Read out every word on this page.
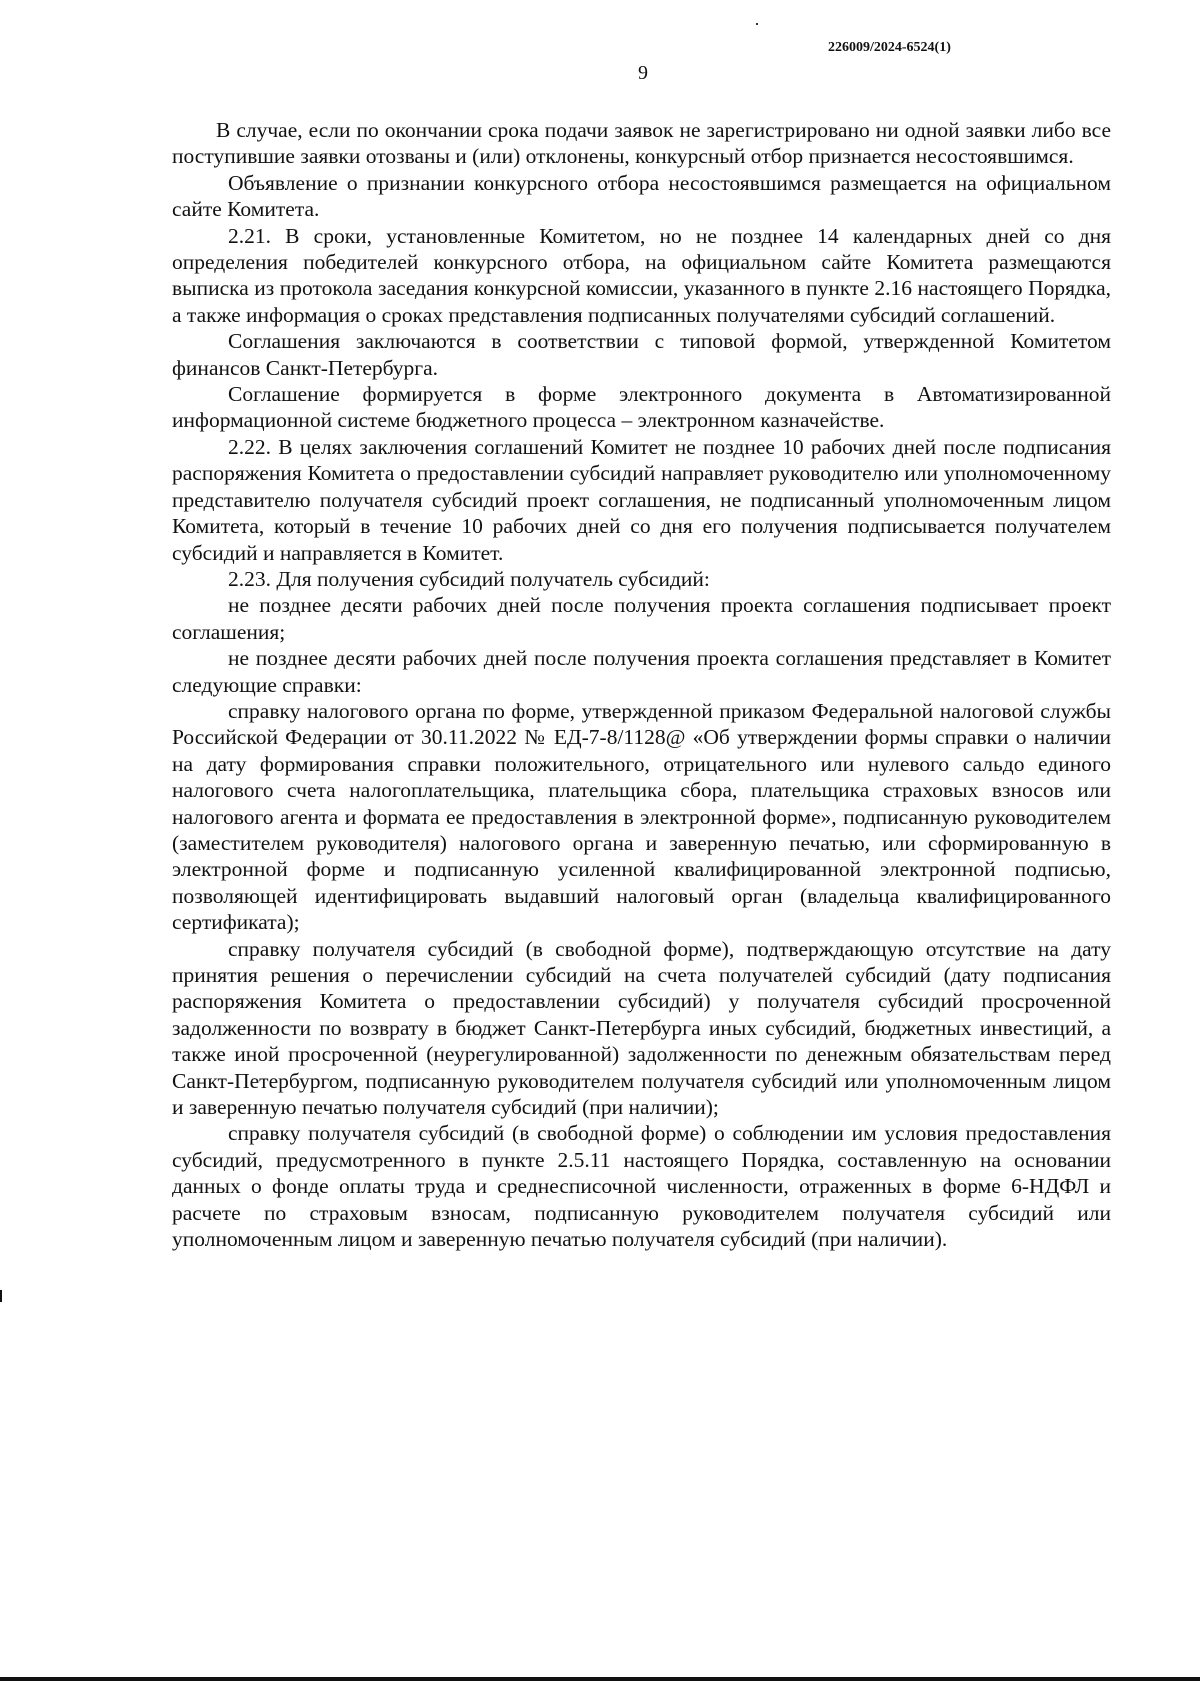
226009/2024-6524(1)
9

В случае, если по окончании срока подачи заявок не зарегистрировано ни одной заявки либо все поступившие заявки отозваны и (или) отклонены, конкурсный отбор признается несостоявшимся.

Объявление о признании конкурсного отбора несостоявшимся размещается на официальном сайте Комитета.

2.21. В сроки, установленные Комитетом, но не позднее 14 календарных дней со дня определения победителей конкурсного отбора, на официальном сайте Комитета размещаются выписка из протокола заседания конкурсной комиссии, указанного в пункте 2.16 настоящего Порядка, а также информация о сроках представления подписанных получателями субсидий соглашений.

Соглашения заключаются в соответствии с типовой формой, утвержденной Комитетом финансов Санкт-Петербурга.

Соглашение формируется в форме электронного документа в Автоматизированной информационной системе бюджетного процесса – электронном казначействе.

2.22. В целях заключения соглашений Комитет не позднее 10 рабочих дней после подписания распоряжения Комитета о предоставлении субсидий направляет руководителю или уполномоченному представителю получателя субсидий проект соглашения, не подписанный уполномоченным лицом Комитета, который в течение 10 рабочих дней со дня его получения подписывается получателем субсидий и направляется в Комитет.

2.23. Для получения субсидий получатель субсидий:

не позднее десяти рабочих дней после получения проекта соглашения подписывает проект соглашения;

не позднее десяти рабочих дней после получения проекта соглашения представляет в Комитет следующие справки:

справку налогового органа по форме, утвержденной приказом Федеральной налоговой службы Российской Федерации от 30.11.2022 № ЕД-7-8/1128@ «Об утверждении формы справки о наличии на дату формирования справки положительного, отрицательного или нулевого сальдо единого налогового счета налогоплательщика, плательщика сбора, плательщика страховых взносов или налогового агента и формата ее предоставления в электронной форме», подписанную руководителем (заместителем руководителя) налогового органа и заверенную печатью, или сформированную в электронной форме и подписанную усиленной квалифицированной электронной подписью, позволяющей идентифицировать выдавший налоговый орган (владельца квалифицированного сертификата);

справку получателя субсидий (в свободной форме), подтверждающую отсутствие на дату принятия решения о перечислении субсидий на счета получателей субсидий (дату подписания распоряжения Комитета о предоставлении субсидий) у получателя субсидий просроченной задолженности по возврату в бюджет Санкт-Петербурга иных субсидий, бюджетных инвестиций, а также иной просроченной (неурегулированной) задолженности по денежным обязательствам перед Санкт-Петербургом, подписанную руководителем получателя субсидий или уполномоченным лицом и заверенную печатью получателя субсидий (при наличии);

справку получателя субсидий (в свободной форме) о соблюдении им условия предоставления субсидий, предусмотренного в пункте 2.5.11 настоящего Порядка, составленную на основании данных о фонде оплаты труда и среднесписочной численности, отраженных в форме 6-НДФЛ и расчете по страховым взносам, подписанную руководителем получателя субсидий или уполномоченным лицом и заверенную печатью получателя субсидий (при наличии).
